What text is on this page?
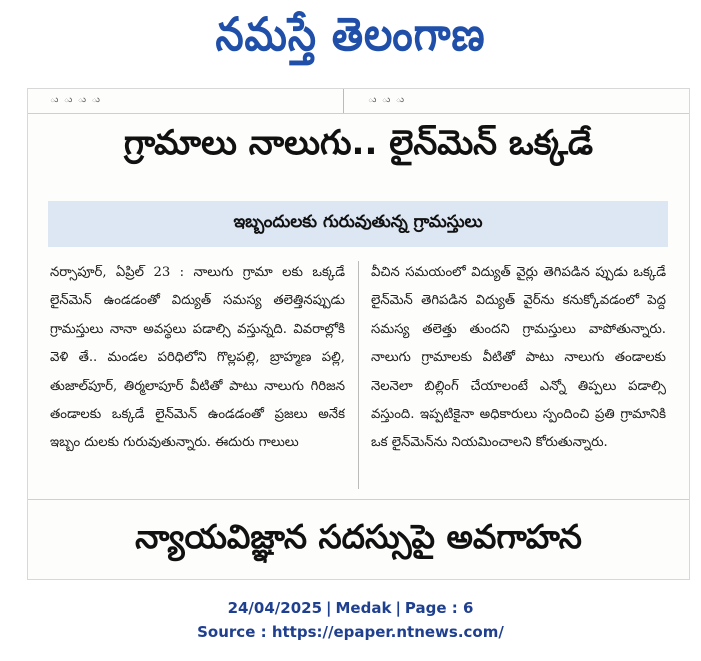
నమస్తే తెలంగాణ
ు ు ు ు	ు ు ు
గ్రామాలు నాలుగు.. లైన్‌మెన్ ఒక్కడే
ఇబ్బందులకు గురువుతున్న గ్రామస్తులు
నర్సాపూర్, ఏప్రిల్ 23 : నాలుగు గ్రామా లకు ఒక్కడే లైన్‌మెన్ ఉండడంతో విద్యుత్ సమస్య తలెత్తినప్పుడు గ్రామస్తులు నానా అవస్థలు పడాల్సి వస్తున్నది. వివరాల్లోకి వెళి తే.. మండల పరిధిలోని గొల్లపల్లి, బ్రాహ్మణ పల్లి, తుజాల్‌పూర్, తిర్మలాపూర్ వీటితో పాటు నాలుగు గిరిజన తండాలకు ఒక్కడే లైన్‌మెన్ ఉండడంతో ప్రజలు అనేక ఇబ్బం దులకు గురువుతున్నారు. ఈదురు గాలులు
వీచిన సమయంలో విద్యుత్ వైర్లు తెగిపడిన ప్పుడు ఒక్కడే లైన్‌మెన్ తెగిపడిన విద్యుత్ వైర్‌ను కనుక్కోవడంలో పెద్ద సమస్య తలెత్తు తుందని గ్రామస్తులు వాపోతున్నారు. నాలుగు గ్రామాలకు వీటితో పాటు నాలుగు తండాలకు నెలనెలా బిల్లింగ్ చేయాలంటే ఎన్నో తిప్పలు పడాల్సి వస్తుంది. ఇప్పటికైనా అధికారులు స్పందించి ప్రతి గ్రామానికి ఒక లైన్‌మెన్‌ను నియమించాలని కోరుతున్నారు.
న్యాయవిజ్ఞాన సదస్సుపై అవగాహన
24/04/2025 | Medak | Page : 6
Source : https://epaper.ntnews.com/
